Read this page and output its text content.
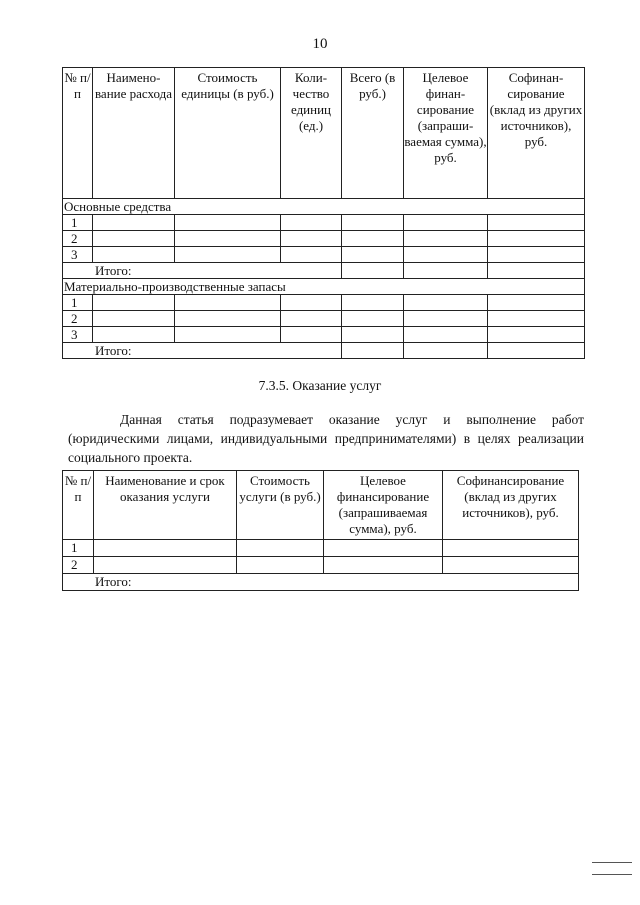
10
№ п/п	Наимено- вание расхода	Стоимость единицы (в руб.)	Коли- чество единиц (ед.)	Всего (в руб.)	Целевое финан- сирование (запраши- ваемая сумма), руб.	Софинан- сирование (вклад из других источников), руб.
Основные средства						
1						
2						
3						
Итого:						
Материально-производственные запасы						
1						
2						
3						
Итого:						
7.3.5. Оказание услуг
Данная статья подразумевает оказание услуг и выполнение работ (юридическими лицами, индивидуальными предпринимателями) в целях реализации социального проекта.
№ п/п	Наименование и срок оказания услуги	Стоимость услуги (в руб.)	Целевое финансирование (запрашиваемая сумма), руб.	Софинансирование (вклад из других источников), руб.
1				
2				
Итого:				
